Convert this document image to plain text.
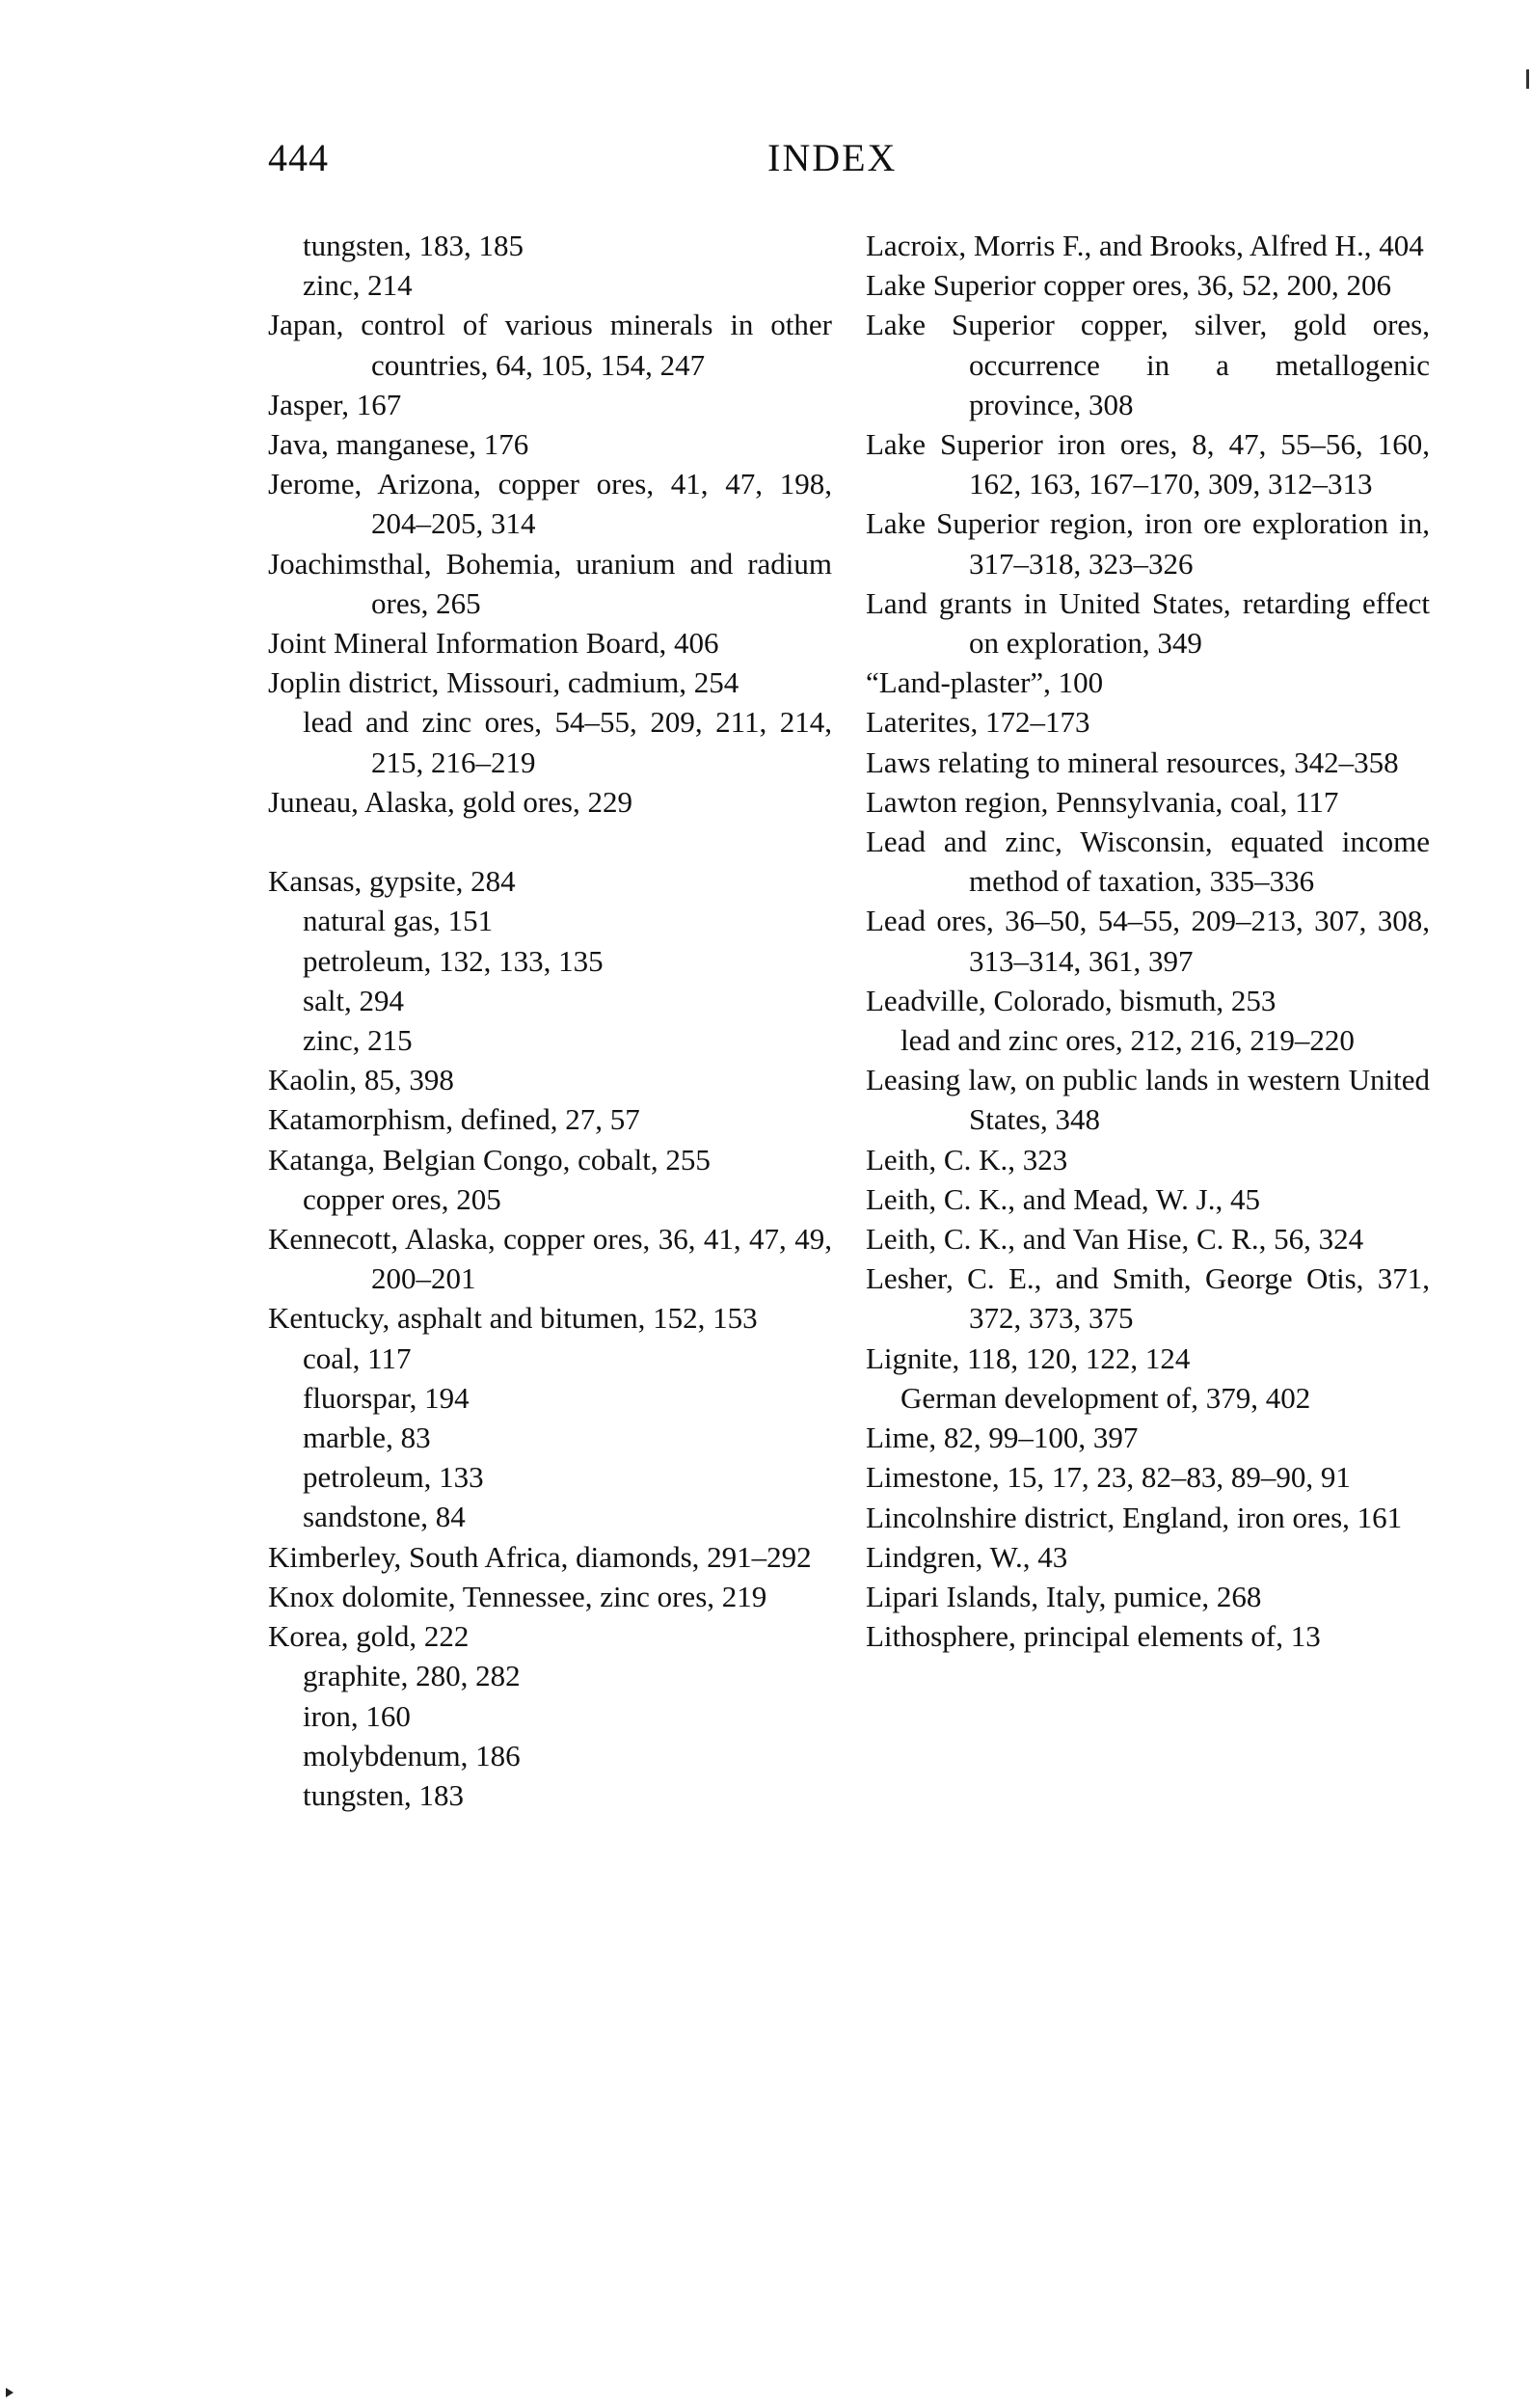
444	INDEX
tungsten, 183, 185
zinc, 214
Japan, control of various minerals in other countries, 64, 105, 154, 247
Jasper, 167
Java, manganese, 176
Jerome, Arizona, copper ores, 41, 47, 198, 204–205, 314
Joachimsthal, Bohemia, uranium and radium ores, 265
Joint Mineral Information Board, 406
Joplin district, Missouri, cadmium, 254
lead and zinc ores, 54–55, 209, 211, 214, 215, 216–219
Juneau, Alaska, gold ores, 229
Kansas, gypsite, 284
natural gas, 151
petroleum, 132, 133, 135
salt, 294
zinc, 215
Kaolin, 85, 398
Katamorphism, defined, 27, 57
Katanga, Belgian Congo, cobalt, 255
copper ores, 205
Kennecott, Alaska, copper ores, 36, 41, 47, 49, 200–201
Kentucky, asphalt and bitumen, 152, 153
coal, 117
fluorspar, 194
marble, 83
petroleum, 133
sandstone, 84
Kimberley, South Africa, diamonds, 291–292
Knox dolomite, Tennessee, zinc ores, 219
Korea, gold, 222
graphite, 280, 282
iron, 160
molybdenum, 186
tungsten, 183
Lacroix, Morris F., and Brooks, Alfred H., 404
Lake Superior copper ores, 36, 52, 200, 206
Lake Superior copper, silver, gold ores, occurrence in a metallogenic province, 308
Lake Superior iron ores, 8, 47, 55–56, 160, 162, 163, 167–170, 309, 312–313
Lake Superior region, iron ore exploration in, 317–318, 323–326
Land grants in United States, retarding effect on exploration, 349
“Land-plaster”, 100
Laterites, 172–173
Laws relating to mineral resources, 342–358
Lawton region, Pennsylvania, coal, 117
Lead and zinc, Wisconsin, equated income method of taxation, 335–336
Lead ores, 36–50, 54–55, 209–213, 307, 308, 313–314, 361, 397
Leadville, Colorado, bismuth, 253
lead and zinc ores, 212, 216, 219–220
Leasing law, on public lands in western United States, 348
Leith, C. K., 323
Leith, C. K., and Mead, W. J., 45
Leith, C. K., and Van Hise, C. R., 56, 324
Lesher, C. E., and Smith, George Otis, 371, 372, 373, 375
Lignite, 118, 120, 122, 124
German development of, 379, 402
Lime, 82, 99–100, 397
Limestone, 15, 17, 23, 82–83, 89–90, 91
Lincolnshire district, England, iron ores, 161
Lindgren, W., 43
Lipari Islands, Italy, pumice, 268
Lithosphere, principal elements of, 13
